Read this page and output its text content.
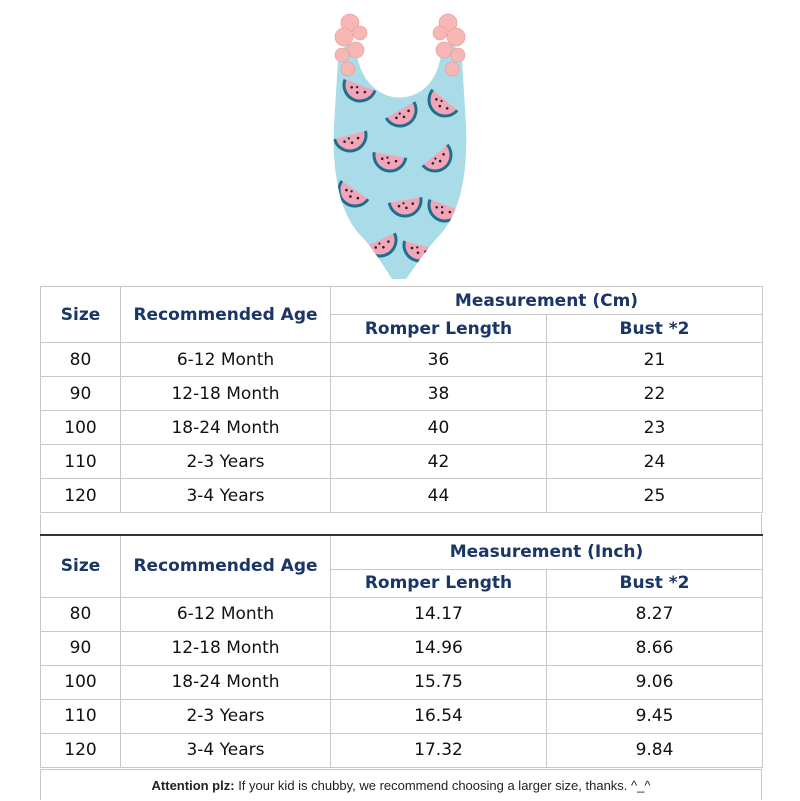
Size	Recommended Age	Measurement (Cm)	
		Romper Length	Bust *2
80	6-12 Month	36	21
90	12-18 Month	38	22
100	18-24 Month	40	23
110	2-3 Years	42	24
120	3-4 Years	44	25
Size	Recommended Age	Measurement (Inch)	
		Romper Length	Bust *2
80	6-12 Month	14.17	8.27
90	12-18 Month	14.96	8.66
100	18-24 Month	15.75	9.06
110	2-3 Years	16.54	9.45
120	3-4 Years	17.32	9.84
Attention plz: If your kid is chubby, we recommend choosing a larger size, thanks. ^_^
